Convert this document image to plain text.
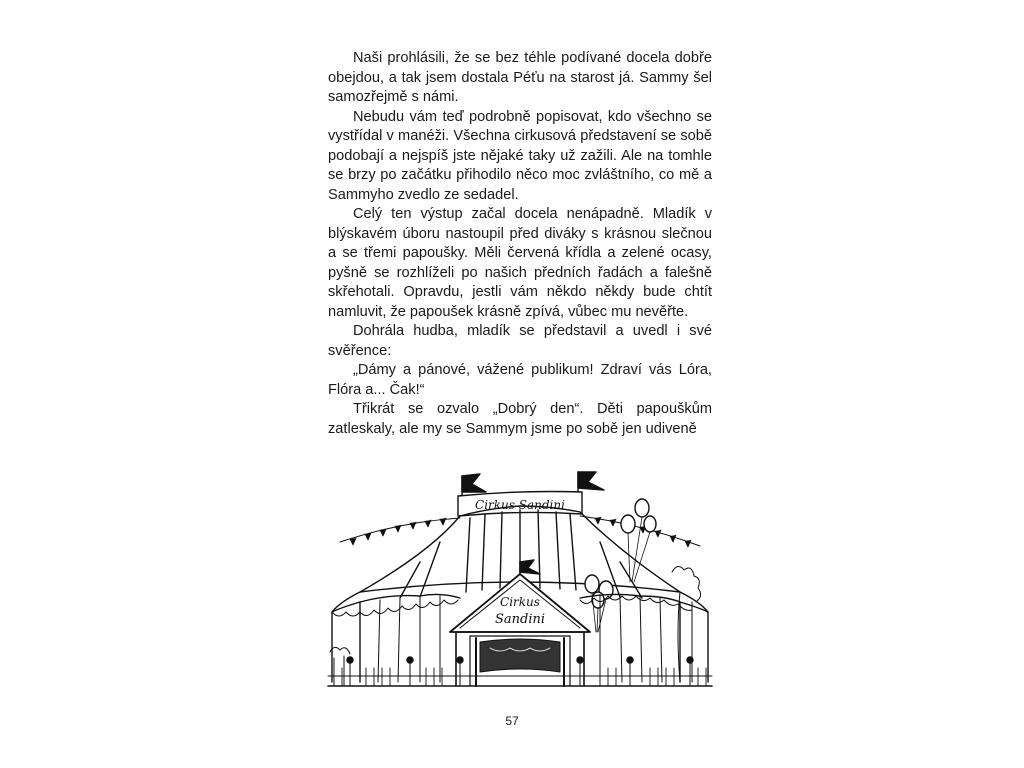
Naši prohlásili, že se bez téhle podívané docela dobře obejdou, a tak jsem dostala Péťu na starost já. Sammy šel samozřejmě s námi.

Nebudu vám teď podrobně popisovat, kdo všechno se vystřídal v manéži. Všechna cirkusová představení se sobě podobají a nejspíš jste nějaké taky už zažili. Ale na tomhle se brzy po začátku přihodilo něco moc zvláštního, co mě a Sammyho zvedlo ze sedadel.

Celý ten výstup začal docela nenápadně. Mladík v blýskavém úboru nastoupil před diváky s krásnou slečnou a se třemi papoušky. Měli červená křídla a zelené ocasy, pyšně se rozhlíželi po našich předních řadách a falešně skřehotali. Opravdu, jestli vám někdo někdy bude chtít namluvit, že papoušek krásně zpívá, vůbec mu nevěřte.

Dohrála hudba, mladík se představil a uvedl i své svěřence:

„Dámy a pánové, vážené publikum! Zdraví vás Lóra, Flóra a... Čak!“

Třikrát se ozvalo „Dobrý den“. Děti papouškům zatleskaly, ale my se Sammym jsme po sobě jen udiveně

Cirkus Sandini
Cirkus
Sandini
57
